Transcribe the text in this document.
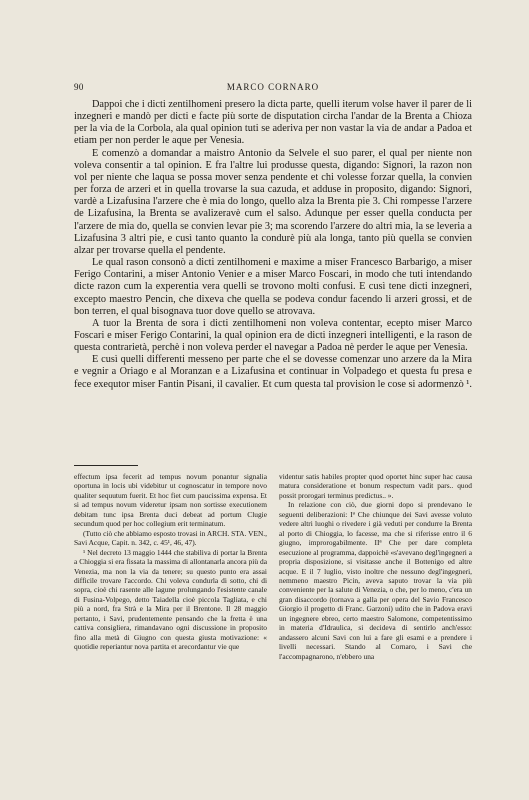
90	MARCO CORNARO

Dappoi che i dicti zentilhomeni presero la dicta parte, quelli iterum volse haver il parer de li inzegneri e mandò per dicti e facte più sorte de disputation circha l'andar de la Brenta a Chioza per la via de la Corbola, ala qual opinion tuti se aderiva per non vastar la via de andar a Padoa et etiam per non perder le aque per Venesia.

E comenzò a domandar a maistro Antonio da Selvele el suo parer, el qual per niente non voleva consentir a tal opinion. E fra l'altre lui produsse questa, digando: Signori, la razon non vol per niente che laqua se possa mover senza pendente et chi volesse forzar quella, la convien per forza de arzeri et in quella trovarse la sua cazuda, et adduse in proposito, digando: Signori, vardè a Lizafusina l'arzere che è mia do longo, quello alza la Brenta pie 3. Chi rompesse l'arzere de Lizafusina, la Brenta se avalizeravè cum el salso. Adunque per esser quella conducta per l'arzere de mia do, quella se convien levar pie 3; ma scorendo l'arzere do altri mia, la se leveria a Lizafusina 3 altri pie, e cusì tanto quanto la condurè più ala longa, tanto più quella se convien alzar per trovarse quella el pendente.

Le qual rason consonò a dicti zentilhomeni e maxime a miser Francesco Barbarigo, a miser Ferigo Contarini, a miser Antonio Venier e a miser Marco Foscari, in modo che tuti intendando dicte razon cum la experentia vera quelli se trovono molti confusi. E cusì tene dicti inzegneri, excepto maestro Pencin, che dixeva che quella se podeva condur facendo li arzeri grossi, et de bon terren, el qual bisognava tuor dove quello se atrovava.

A tuor la Brenta de sora i dicti zentilhomeni non voleva contentar, ecepto miser Marco Foscari e miser Ferigo Contarini, la qual opinion era de dicti inzegneri intelligenti, e la rason de questa contrarietà, perchè i non voleva perder el navegar a Padoa nè perder le aque per Venesia.

E cusì quelli differenti messeno per parte che el se dovesse comenzar uno arzere da la Mira e vegnir a Oriago e al Moranzan e a Lizafusina et continuar in Volpadego et questa fu presa e fece exequtor miser Fantin Pisani, il cavalier. Et cum questa tal provision le cose si adormenzò ¹.

effectum ipsa fecerit ad tempus novum ponantur signalia oportuna in locis ubi videbitur ut cognoscatur in tempore novo qualiter sequutum fuerit. Et hoc fiet cum paucissima expensa. Et si ad tempus novum videretur ipsam non sortisse executionem debitam tunc ipsa Brenta duci debeat ad portum Clugie secundum quod per hoc collegium erit terminatum.

(Tutto ciò che abbiamo esposto trovasi in ARCH. STA. VEN., Savi Acque, Capit. n. 342, c. 45¹, 46, 47).

¹ Nel decreto 13 maggio 1444 che stabiliva di portar la Brenta a Chioggia si era fissata la massima di allontanarla ancora più da Venezia, ma non la via da tenere; su questo punto era assai difficile trovare l'accordo. Chi voleva condurla di sotto, chi di sopra, cioè chi rasente alle lagune prolungando l'esistente canale di Fusina-Volpego, detto Taiadella cioè piccola Tagliata, e chi più a nord, fra Strà e la Mira per il Brentone. Il 28 maggio pertanto, i Savi, prudentemente pensando che la fretta è una cattiva consigliera, rimandavano ogni discussione in proposito fino alla metà di Giugno con questa giusta motivazione: « quotidie reperiantur nova partita et arecordantur vie que

videntur satis habiles propter quod oportet hinc super hac causa matura consideratione et bonum respectum vadit pars.. quod possit prorogari terminus predictus.. ».

In relazione con ciò, due giorni dopo si prendevano le seguenti deliberazioni: Iª Che chiunque dei Savi avesse voluto vedere altri luoghi o rivedere i già veduti per condurre la Brenta al porto di Chioggia, lo facesse, ma che si riferisse entro il 6 giugno, improrogabilmente. IIª Che per dare completa esecuzione al programma, dappoichè «s'avevano degl'ingegneri a propria disposizione, si visitasse anche il Bottenigo ed altre acque. E il 7 luglio, visto inoltre che nessuno degl'ingegneri, nemmeno maestro Picin, aveva saputo trovar la via più conveniente per la salute di Venezia, o che, per lo meno, c'era un gran disaccordo (tornava a galla per opera del Savio Francesco Giorgio il progetto di Franc. Garzoni) udito che in Padova eravi un ingegnere ebreo, certo maestro Salomone, competentissimo in materia d'Idraulica, si decideva di sentirlo anch'esso: andassero alcuni Savi con lui a fare gli esami e a prendere i livelli necessari. Stando al Cornaro, i Savi che l'accompagnarono, n'ebbero una
